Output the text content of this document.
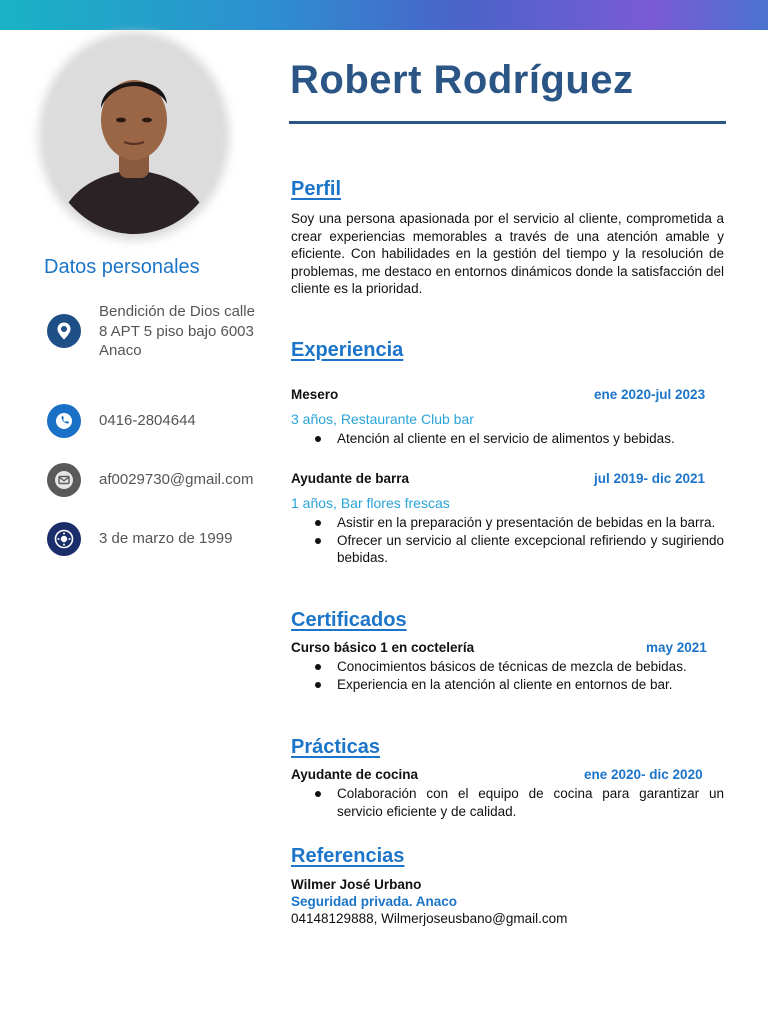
Datos personales
Bendición de Dios calle
8 APT 5 piso bajo 6003
Anaco
0416-2804644
af0029730@gmail.com
3 de marzo de 1999
Robert Rodríguez
Perfil
Soy una persona apasionada por el servicio al cliente, comprometida a crear experiencias memorables a través de una atención amable y eficiente. Con habilidades en la gestión del tiempo y la resolución de problemas, me destaco en entornos dinámicos donde la satisfacción del cliente es la prioridad.
Experiencia
Mesero	ene 2020-jul 2023
3 años, Restaurante Club bar
Atención al cliente en el servicio de alimentos y bebidas.
Ayudante de barra	jul 2019- dic 2021
1 años, Bar flores frescas
Asistir en la preparación y presentación de bebidas en la barra.
Ofrecer un servicio al cliente excepcional refiriendo y sugiriendo bebidas.
Certificados
Curso básico 1 en coctelería	may 2021
Conocimientos básicos de técnicas de mezcla de bebidas.
Experiencia en la atención al cliente en entornos de bar.
Prácticas
Ayudante de cocina	ene 2020- dic 2020
Colaboración con el equipo de cocina para garantizar un servicio eficiente y de calidad.
Referencias
Wilmer José Urbano
Seguridad privada. Anaco
04148129888, Wilmerjoseusbano@gmail.com
